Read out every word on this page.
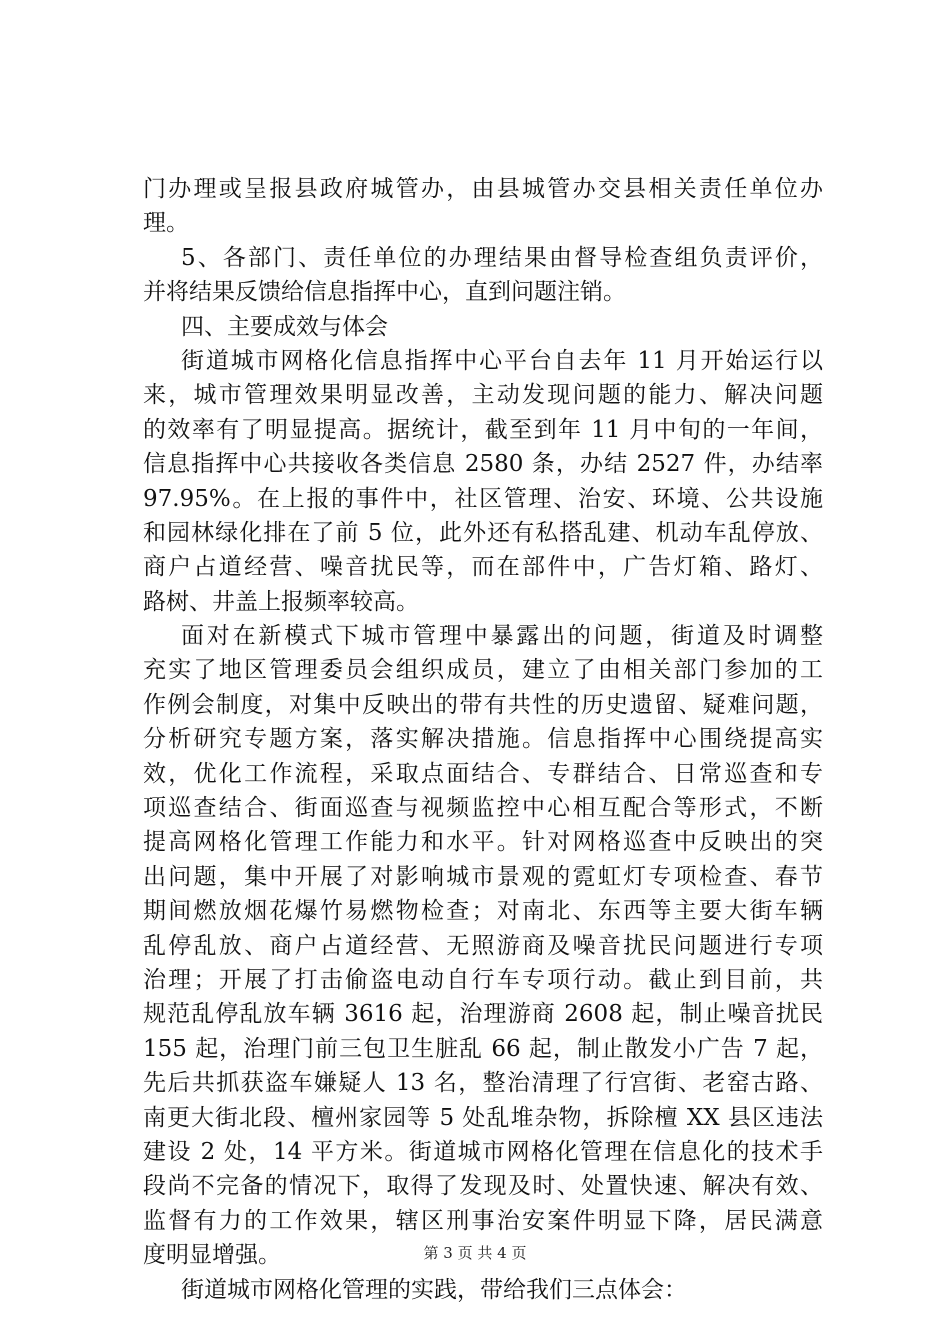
门办理或呈报县政府城管办，由县城管办交县相关责任单位办
理。
5、各部门、责任单位的办理结果由督导检查组负责评价，
并将结果反馈给信息指挥中心，直到问题注销。
四、主要成效与体会
街道城市网格化信息指挥中心平台自去年 11 月开始运行以
来，城市管理效果明显改善，主动发现问题的能力、解决问题
的效率有了明显提高。据统计，截至到年 11 月中旬的一年间，
信息指挥中心共接收各类信息 2580 条，办结 2527 件，办结率
97.95%。在上报的事件中，社区管理、治安、环境、公共设施
和园林绿化排在了前 5 位，此外还有私搭乱建、机动车乱停放、
商户占道经营、噪音扰民等，而在部件中，广告灯箱、路灯、
路树、井盖上报频率较高。
面对在新模式下城市管理中暴露出的问题，街道及时调整
充实了地区管理委员会组织成员，建立了由相关部门参加的工
作例会制度，对集中反映出的带有共性的历史遗留、疑难问题，
分析研究专题方案，落实解决措施。信息指挥中心围绕提高实
效，优化工作流程，采取点面结合、专群结合、日常巡查和专
项巡查结合、街面巡查与视频监控中心相互配合等形式，不断
提高网格化管理工作能力和水平。针对网格巡查中反映出的突
出问题，集中开展了对影响城市景观的霓虹灯专项检查、春节
期间燃放烟花爆竹易燃物检查；对南北、东西等主要大街车辆
乱停乱放、商户占道经营、无照游商及噪音扰民问题进行专项
治理；开展了打击偷盗电动自行车专项行动。截止到目前，共
规范乱停乱放车辆 3616 起，治理游商 2608 起，制止噪音扰民
155 起，治理门前三包卫生脏乱 66 起，制止散发小广告 7 起，
先后共抓获盗车嫌疑人 13 名，整治清理了行宫街、老窑古路、
南更大街北段、檀州家园等 5 处乱堆杂物，拆除檀 XX 县区违法
建设 2 处，14 平方米。街道城市网格化管理在信息化的技术手
段尚不完备的情况下，取得了发现及时、处置快速、解决有效、
监督有力的工作效果，辖区刑事治安案件明显下降，居民满意
度明显增强。
街道城市网格化管理的实践，带给我们三点体会：
第 3 页 共 4 页
